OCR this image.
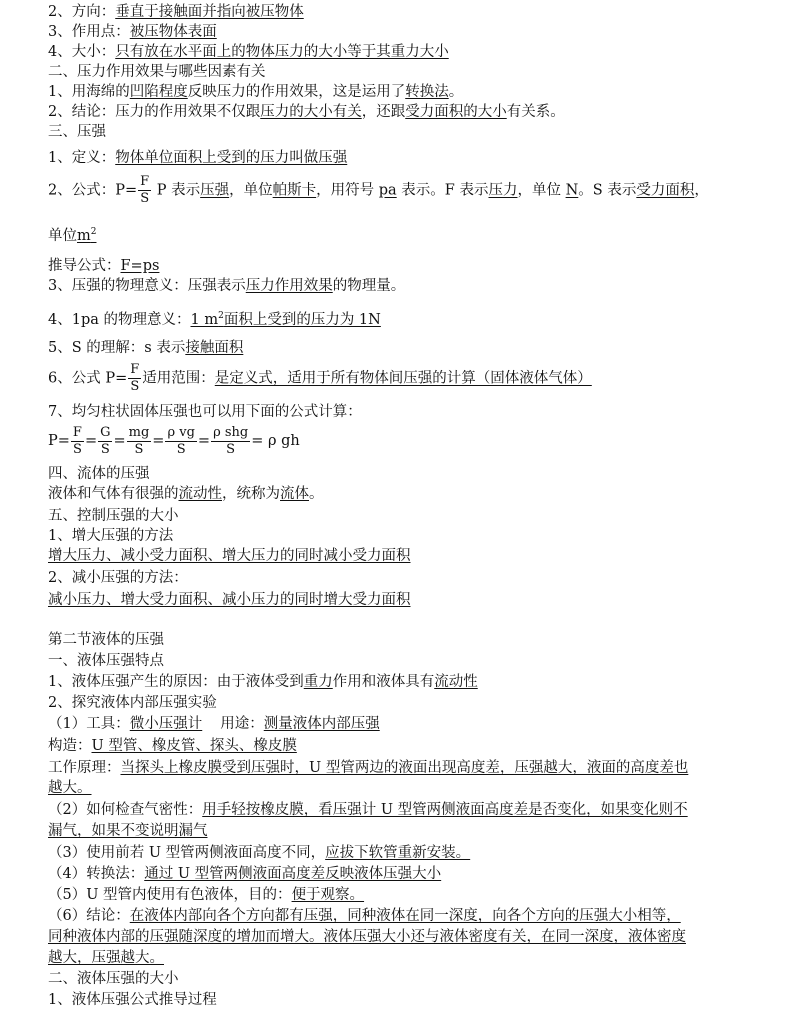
2、方向：垂直于接触面并指向被压物体
3、作用点：被压物体表面
4、大小：只有放在水平面上的物体压力的大小等于其重力大小
二、压力作用效果与哪些因素有关
1、用海绵的凹陷程度反映压力的作用效果，这是运用了转换法。
2、结论：压力的作用效果不仅跟压力的大小有关，还跟受力面积的大小有关系。
三、压强
1、定义：物体单位面积上受到的压力叫做压强
2、公式：$P= \frac{F}{S}$ P 表示压强，单位帕斯卡，用符号 pa 表示。F 表示压力，单位 N。S 表示受力面积，
单位$m^2$
推导公式：F=ps
3、压强的物理意义：压强表示压力作用效果的物理量。
4、1pa 的物理意义：1 $m^2$面积上受到的压力为 1N
5、S 的理解：s 表示接触面积
6、公式 $P= \frac{F}{S}$ 适用范围：是定义式，适用于所有物体间压强的计算（固体液体气体）
7、均匀柱状固体压强也可以用下面的公式计算：
$P= \frac{F}{S} = \frac{G}{S} = \frac{mg}{S} = \frac{\text{ρ vg}}{S}$ =
ρ shg
S	= ρ gh
四、流体的压强
液体和气体有很强的流动性，统称为流体。
五、控制压强的大小
1、增大压强的方法
增大压力、减小受力面积、增大压力的同时减小受力面积
2、减小压强的方法：
减小压力、增大受力面积、减小压力的同时增大受力面积
第二节液体的压强
一、液体压强特点
1、液体压强产生的原因：由于液体受到重力作用和液体具有流动性
2、探究液体内部压强实验
（1）工具：微小压强计 用途：测量液体内部压强
构造：U 型管、橡皮管、探头、橡皮膜
工作原理：当探头上橡皮膜受到压强时，U 型管两边的液面出现高度差，压强越大，液面的高度差也
越大。
（2）如何检查气密性：用手轻按橡皮膜，看压强计 U 型管两侧液面高度差是否变化，如果变化则不
漏气，如果不变说明漏气
（3）使用前若 U 型管两侧液面高度不同，应拔下软管重新安装。
（4）转换法：通过 U 型管两侧液面高度差反映液体压强大小
（5）U 型管内使用有色液体，目的：便于观察。
（6）结论：在液体内部向各个方向都有压强，同种液体在同一深度，向各个方向的压强大小相等，
同种液体内部的压强随深度的增加而增大。液体压强大小还与液体密度有关，在同一深度，液体密度
越大，压强越大。
二、液体压强的大小
1、液体压强公式推导过程
